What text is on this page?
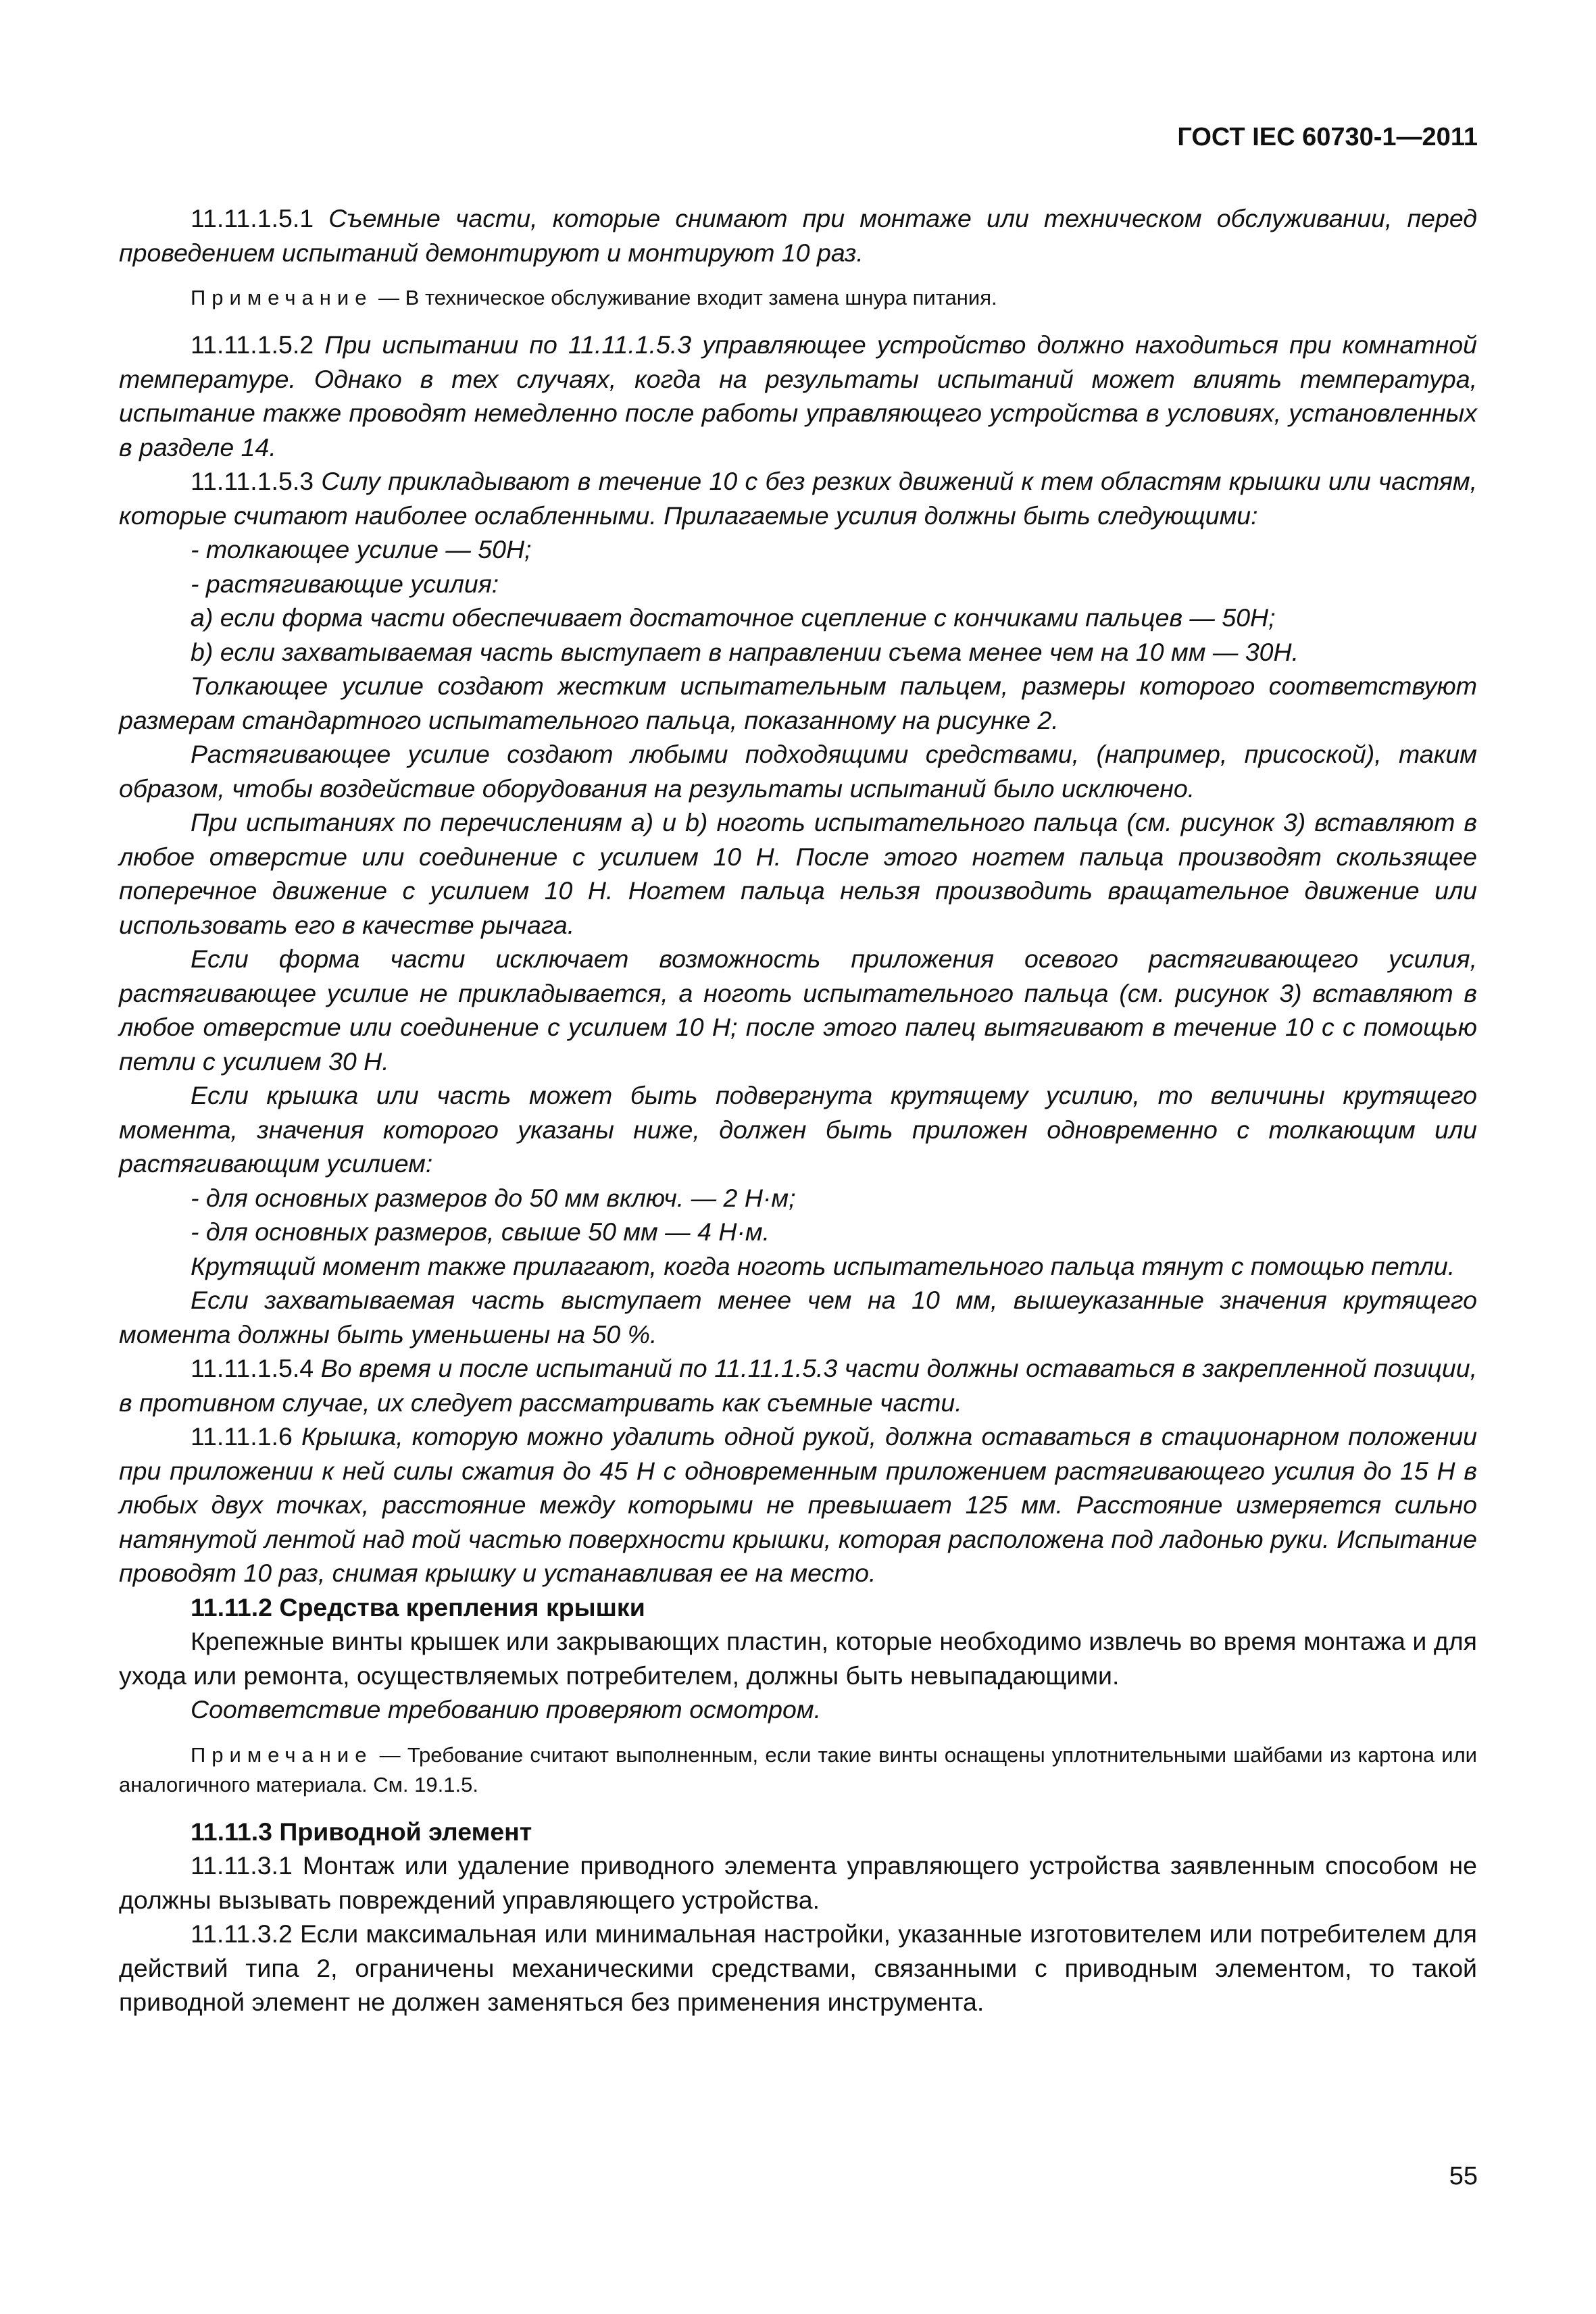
ГОСТ IEC 60730-1—2011

11.11.1.5.1 Съемные части, которые снимают при монтаже или техническом обслуживании, перед проведением испытаний демонтируют и монтируют 10 раз.

Примечание — В техническое обслуживание входит замена шнура питания.

11.11.1.5.2 При испытании по 11.11.1.5.3 управляющее устройство должно находиться при комнатной температуре. Однако в тех случаях, когда на результаты испытаний может влиять температура, испытание также проводят немедленно после работы управляющего устройства в условиях, установленных в разделе 14.

11.11.1.5.3 Силу прикладывают в течение 10 с без резких движений к тем областям крышки или частям, которые считают наиболее ослабленными. Прилагаемые усилия должны быть следующими:

- толкающее усилие — 50Н;

- растягивающие усилия:

a) если форма части обеспечивает достаточное сцепление с кончиками пальцев — 50Н;

b) если захватываемая часть выступает в направлении съема менее чем на 10 мм — 30Н.

Толкающее усилие создают жестким испытательным пальцем, размеры которого соответствуют размерам стандартного испытательного пальца, показанному на рисунке 2.

Растягивающее усилие создают любыми подходящими средствами, (например, присоской), таким образом, чтобы воздействие оборудования на результаты испытаний было исключено.

При испытаниях по перечислениям a) и b) ноготь испытательного пальца (см. рисунок 3) вставляют в любое отверстие или соединение с усилием 10 Н. После этого ногтем пальца производят скользящее поперечное движение с усилием 10 Н. Ногтем пальца нельзя производить вращательное движение или использовать его в качестве рычага.

Если форма части исключает возможность приложения осевого растягивающего усилия, растягивающее усилие не прикладывается, а ноготь испытательного пальца (см. рисунок 3) вставляют в любое отверстие или соединение с усилием 10 Н; после этого палец вытягивают в течение 10 с с помощью петли с усилием 30 Н.

Если крышка или часть может быть подвергнута крутящему усилию, то величины крутящего момента, значения которого указаны ниже, должен быть приложен одновременно с толкающим или растягивающим усилием:

- для основных размеров до 50 мм включ. — 2 Н·м;

- для основных размеров, свыше 50 мм — 4 Н·м.

Крутящий момент также прилагают, когда ноготь испытательного пальца тянут с помощью петли.

Если захватываемая часть выступает менее чем на 10 мм, вышеуказанные значения крутящего момента должны быть уменьшены на 50 %.

11.11.1.5.4 Во время и после испытаний по 11.11.1.5.3 части должны оставаться в закрепленной позиции, в противном случае, их следует рассматривать как съемные части.

11.11.1.6 Крышка, которую можно удалить одной рукой, должна оставаться в стационарном положении при приложении к ней силы сжатия до 45 Н с одновременным приложением растягивающего усилия до 15 Н в любых двух точках, расстояние между которыми не превышает 125 мм. Расстояние измеряется сильно натянутой лентой над той частью поверхности крышки, которая расположена под ладонью руки. Испытание проводят 10 раз, снимая крышку и устанавливая ее на место.

11.11.2 Средства крепления крышки

Крепежные винты крышек или закрывающих пластин, которые необходимо извлечь во время монтажа и для ухода или ремонта, осуществляемых потребителем, должны быть невыпадающими.

Соответствие требованию проверяют осмотром.

Примечание — Требование считают выполненным, если такие винты оснащены уплотнительными шайбами из картона или аналогичного материала. См. 19.1.5.

11.11.3 Приводной элемент

11.11.3.1 Монтаж или удаление приводного элемента управляющего устройства заявленным способом не должны вызывать повреждений управляющего устройства.

11.11.3.2 Если максимальная или минимальная настройки, указанные изготовителем или потребителем для действий типа 2, ограничены механическими средствами, связанными с приводным элементом, то такой приводной элемент не должен заменяться без применения инструмента.

55
